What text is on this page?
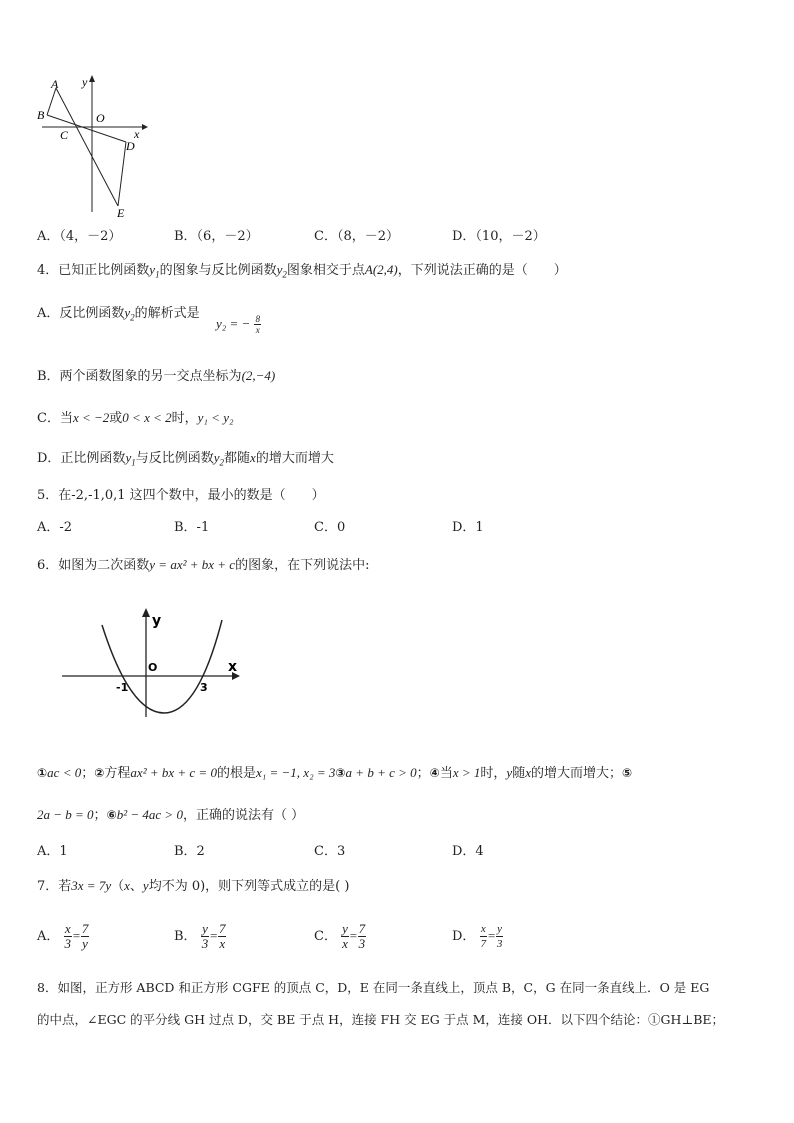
A
B
C
O
D
E
y
x
A．（4，－2）	B．（6，－2）	C．（8，－2）	D．（10，－2）
4．已知正比例函数$y_1$的图象与反比例函数$y_2$图象相交于点A(2,4)，下列说法正确的是（　　）
A．反比例函数$y_2$的解析式是
y₂ = − $\frac{8}{x}$
B．两个函数图象的另一交点坐标为(2,−4)
C．当x < −2或0 < x < 2时，y₁ < y₂
D．正比例函数$y_1$与反比例函数$y_2$都随x的增大而增大
5．在-2,-1,0,1 这四个数中，最小的数是（　　）
A．-2	B．-1	C．0	D．1
6．如图为二次函数y = ax² + bx + c的图象，在下列说法中:
y
x
O
-1	3
①ac < 0；②方程ax² + bx + c = 0的根是x₁ = −1, x₂ = 3③a + b + c > 0；④当x > 1时，y随x的增大而增大；⑤
2a − b = 0；⑥b² − 4ac > 0，正确的说法有（ ）
A．1	B．2	C．3	D．4
7．若3x = 7y（x、y均不为 0)，则下列等式成立的是( )
A． $\frac{x}{3} = \frac{7}{y}$	B． $\frac{y}{3} = \frac{7}{x}$	C． $\frac{y}{x} = \frac{7}{3}$	D． $\frac{x}{7} = \frac{y}{3}$
8．如图，正方形 ABCD 和正方形 CGFE 的顶点 C，D，E 在同一条直线上，顶点 B，C，G 在同一条直线上．O 是 EG
的中点，∠EGC 的平分线 GH 过点 D，交 BE 于点 H，连接 FH 交 EG 于点 M，连接 OH．以下四个结论：①GH⊥BE；
